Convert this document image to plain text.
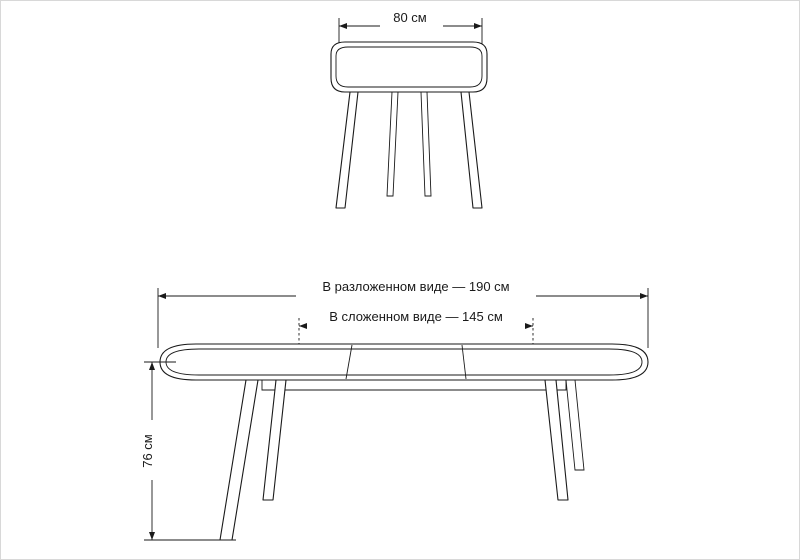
80 см
В разложенном виде — 190 см
В сложенном виде — 145 см
76 см
